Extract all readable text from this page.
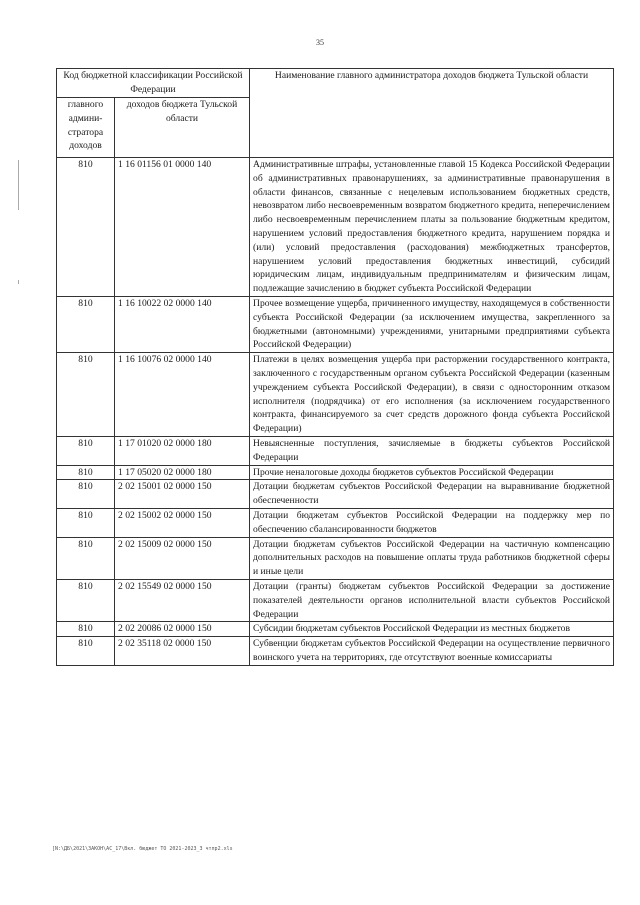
35
Код бюджетной классификации Российской Федерации		Наименование главного администратора доходов бюджета Тульской области
главного админи-стратора доходов	доходов бюджета Тульской области	
810	1 16 01156 01 0000 140	Административные штрафы, установленные главой 15 Кодекса Российской Федерации об административных правонарушениях, за административные правонарушения в области финансов, связанные с нецелевым использованием бюджетных средств, невозвратом либо несвоевременным возвратом бюджетного кредита, неперечислением либо несвоевременным перечислением платы за пользование бюджетным кредитом, нарушением условий предоставления бюджетного кредита, нарушением порядка и (или) условий предоставления (расходования) межбюджетных трансфертов, нарушением условий предоставления бюджетных инвестиций, субсидий юридическим лицам, индивидуальным предпринимателям и физическим лицам, подлежащие зачислению в бюджет субъекта Российской Федерации
810	1 16 10022 02 0000 140	Прочее возмещение ущерба, причиненного имуществу, находящемуся в собственности субъекта Российской Федерации (за исключением имущества, закрепленного за бюджетными (автономными) учреждениями, унитарными предприятиями субъекта Российской Федерации)
810	1 16 10076 02 0000 140	Платежи в целях возмещения ущерба при расторжении государственного контракта, заключенного с государственным органом субъекта Российской Федерации (казенным учреждением субъекта Российской Федерации), в связи с односторонним отказом исполнителя (подрядчика) от его исполнения (за исключением государственного контракта, финансируемого за счет средств дорожного фонда субъекта Российской Федерации)
810	1 17 01020 02 0000 180	Невыясненные поступления, зачисляемые в бюджеты субъектов Российской Федерации
810	1 17 05020 02 0000 180	Прочие неналоговые доходы бюджетов субъектов Российской Федерации
810	2 02 15001 02 0000 150	Дотации бюджетам субъектов Российской Федерации на выравнивание бюджетной обеспеченности
810	2 02 15002 02 0000 150	Дотации бюджетам субъектов Российской Федерации на поддержку мер по обеспечению сбалансированности бюджетов
810	2 02 15009 02 0000 150	Дотации бюджетам субъектов Российской Федерации на частичную компенсацию дополнительных расходов на повышение оплаты труда работников бюджетной сферы и иные цели
810	2 02 15549 02 0000 150	Дотации (гранты) бюджетам субъектов Российской Федерации за достижение показателей деятельности органов исполнительной власти субъектов Российской Федерации
810	2 02 20086 02 0000 150	Субсидии бюджетам субъектов Российской Федерации из местных бюджетов
810	2 02 35118 02 0000 150	Субвенции бюджетам субъектов Российской Федерации на осуществление первичного воинского учета на территориях, где отсутствуют военные комиссариаты
[N:\ДБ\2021\ЗАКОН\АС_17\Вкл. бюджет ТО 2021-2023_3 чтпр2.xls
